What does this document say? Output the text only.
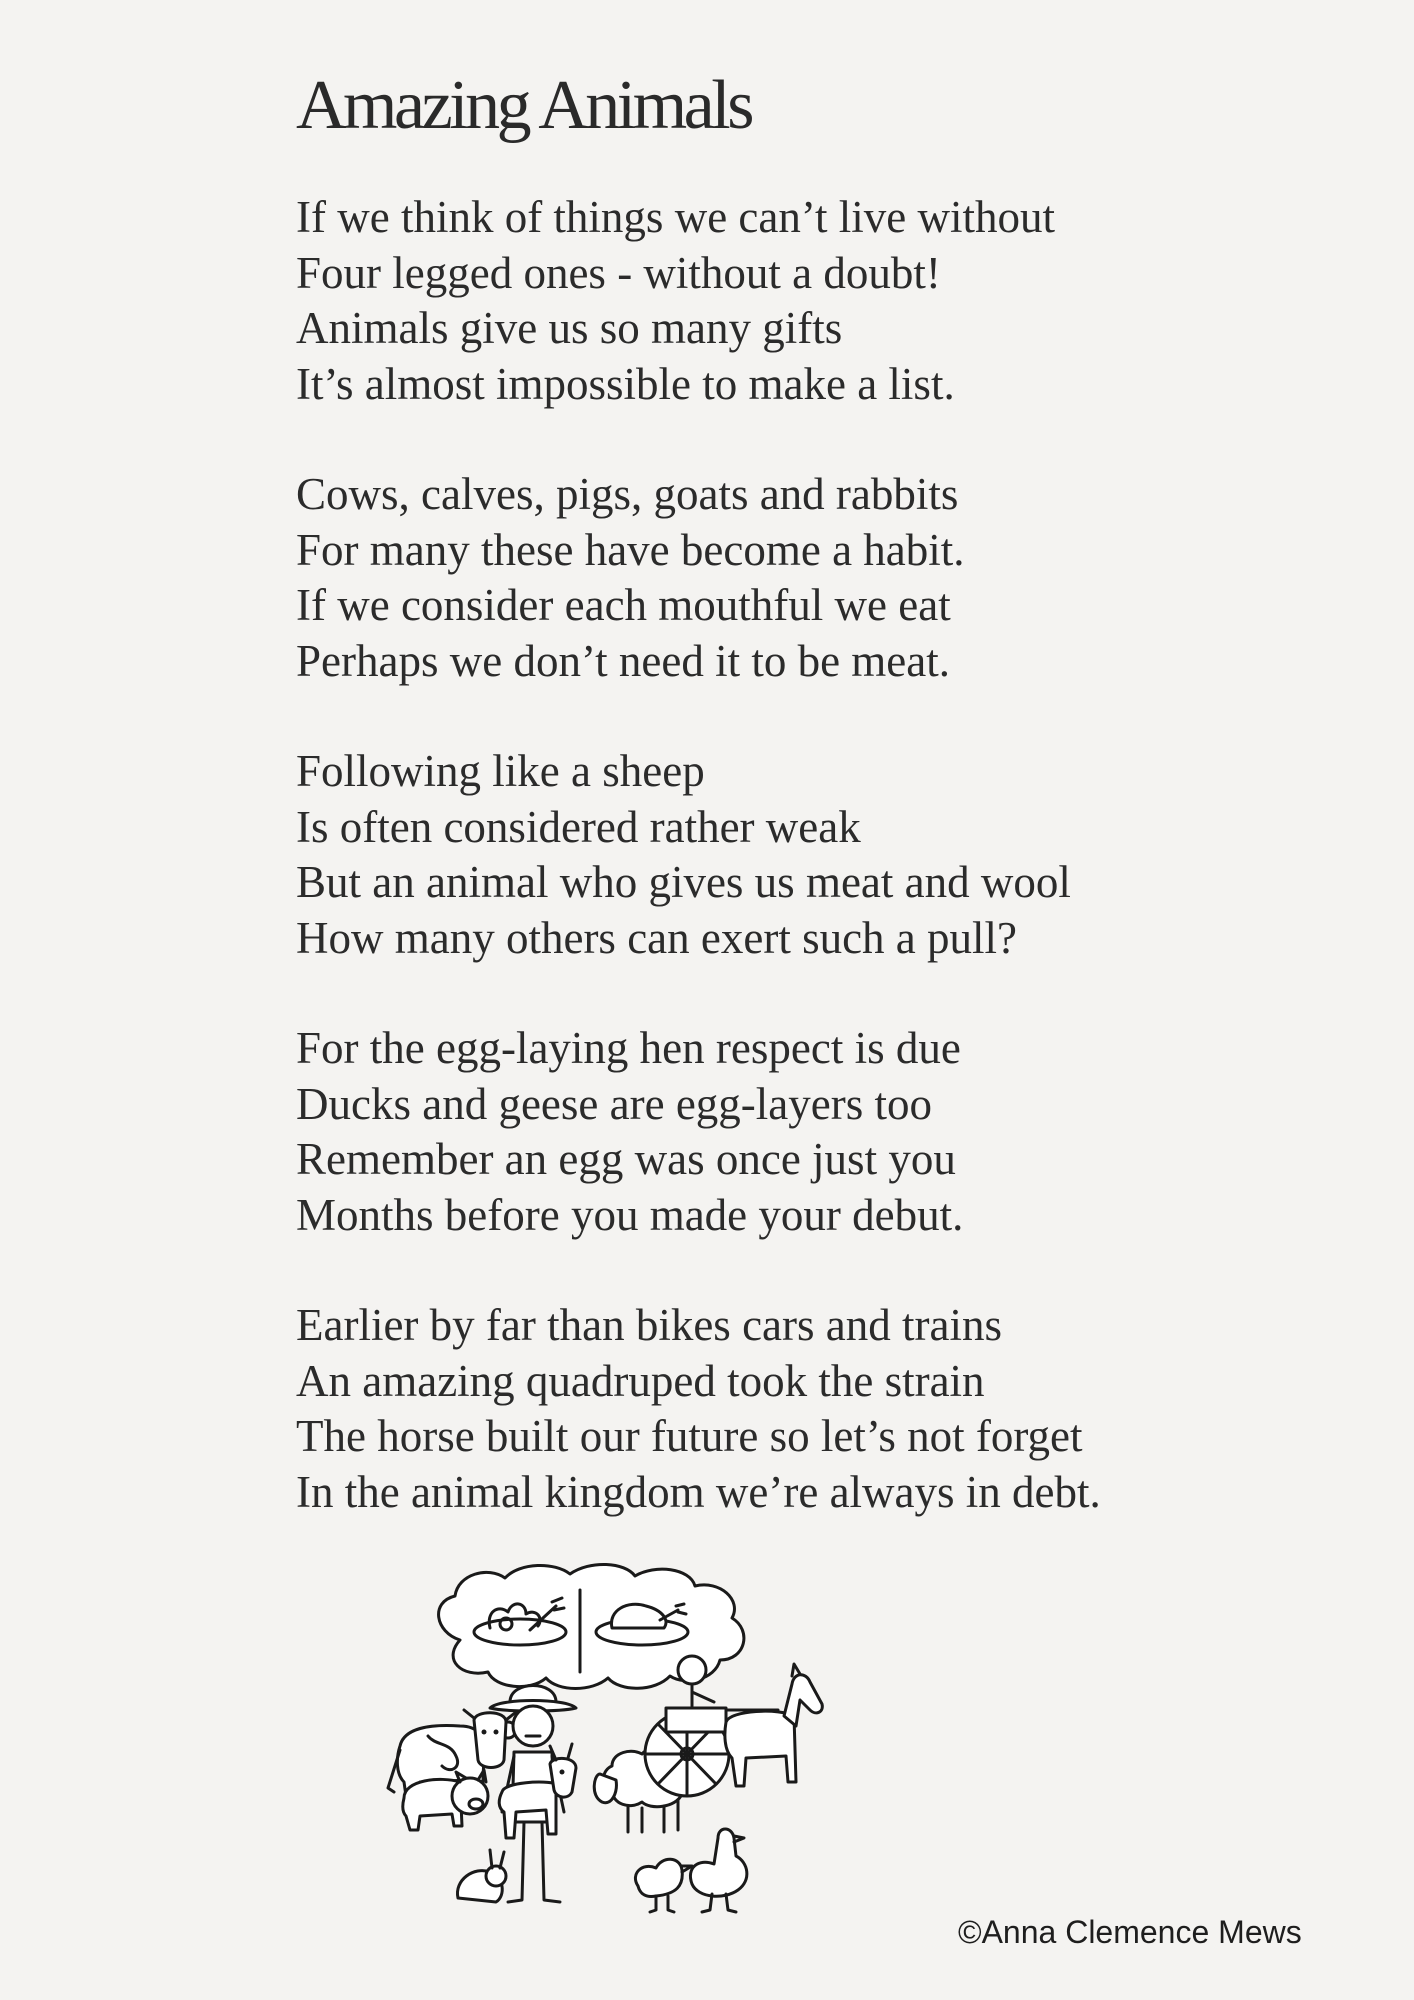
Amazing Animals
If we think of things we can’t live without
Four legged ones - without a doubt!
Animals give us so many gifts
It’s almost impossible to make a list.
Cows, calves, pigs, goats and rabbits
For many these have become a habit.
If we consider each mouthful we eat
Perhaps we don’t need it to be meat.
Following like a sheep
Is often considered rather weak
But an animal who gives us meat and wool
How many others can exert such a pull?
For the egg-laying hen respect is due
Ducks and geese are egg-layers too
Remember an egg was once just you
Months before you made your debut.
Earlier by far than bikes cars and trains
An amazing quadruped took the strain
The horse built our future so let’s not forget
In the animal kingdom we’re always in debt.
©Anna Clemence Mews
